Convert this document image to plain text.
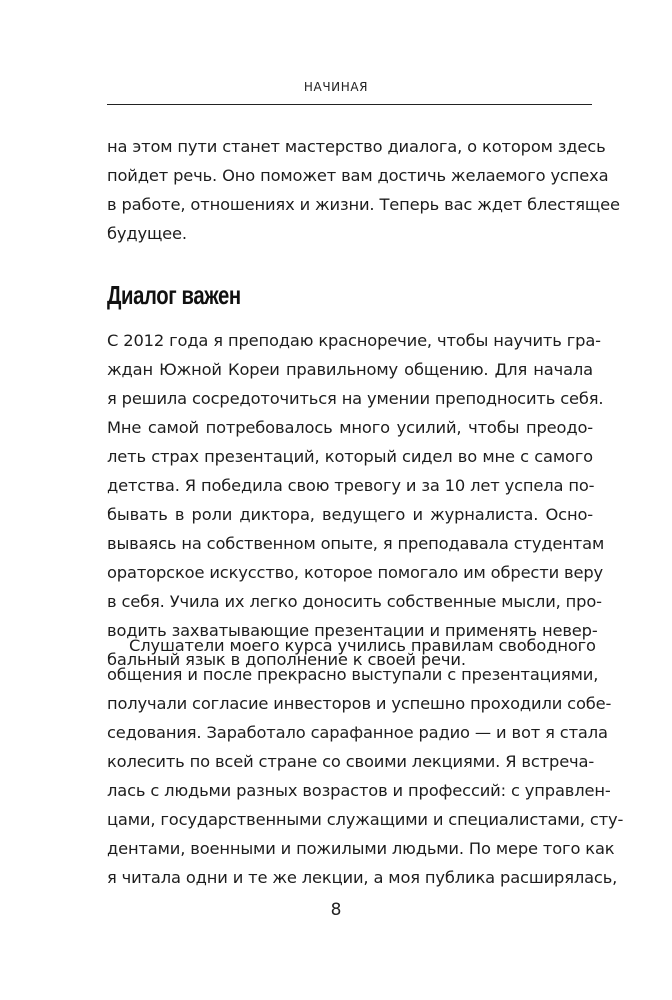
НАЧИНАЯ
на этом пути станет мастерство диалога, о котором здесь
пойдет речь. Оно поможет вам достичь желаемого успеха
в работе, отношениях и жизни. Теперь вас ждет блестящее
будущее.
Диалог важен
С 2012 года я преподаю красноречие, чтобы научить гра-
ждан Южной Кореи правильному общению. Для начала
я решила сосредоточиться на умении преподносить себя.
Мне самой потребовалось много усилий, чтобы преодо-
леть страх презентаций, который сидел во мне с самого
детства. Я победила свою тревогу и за 10 лет успела по-
бывать в роли диктора, ведущего и журналиста. Осно-
вываясь на собственном опыте, я преподавала студентам
ораторское искусство, которое помогало им обрести веру
в себя. Учила их легко доносить собственные мысли, про-
водить захватывающие презентации и применять невер-
бальный язык в дополнение к своей речи.
Слушатели моего курса учились правилам свободного
общения и после прекрасно выступали с презентациями,
получали согласие инвесторов и успешно проходили собе-
седования. Заработало сарафанное радио — и вот я стала
колесить по всей стране со своими лекциями. Я встреча-
лась с людьми разных возрастов и профессий: с управлен-
цами, государственными служащими и специалистами, сту-
дентами, военными и пожилыми людьми. По мере того как
я читала одни и те же лекции, а моя публика расширялась,
8
